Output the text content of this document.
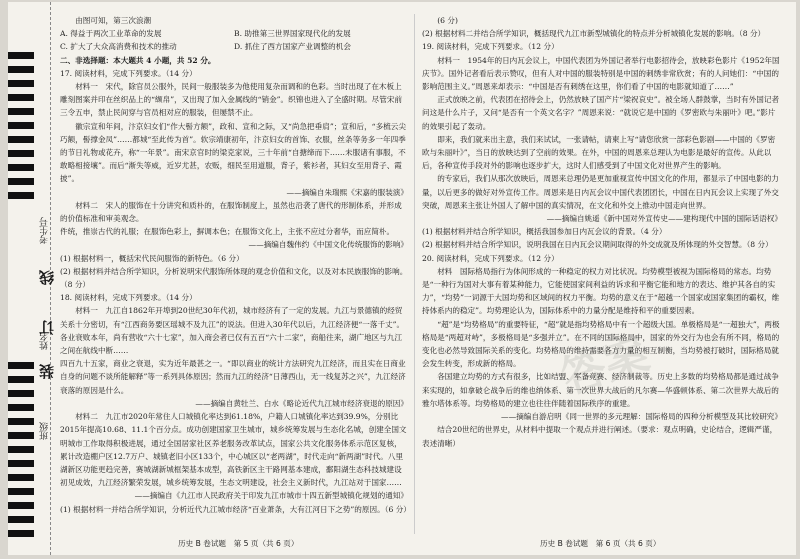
考生号
线
订
姓名
装
班级

由图可知，第三次浪潮

A. 得益于两次工业革命的发展	B. 助推第三世界国家现代化的发展
C. 扩大了大众高消费和技术的推动	D. 抓住了西方国家产业调整的机会

二、非选择题：本大题共 4 小题，共 52 分。

17. 阅读材料，完成下列要求。（14 分）

材料一　宋代，除官员公服外，民间一般服装多为他使用复杂而调和的色彩。当时出现了在木板上雕刻图案并印在丝织品上的“缬帛”，又出现了加入金属线的“销金”。织锦也进入了全盛时期。尽管宋前三令五申，禁止民间穿与官员相对应的服装，但屡禁不止。

徽宗宣和年间，汴京妇女们“作大髻方额”，政和、宣和之际，又“尚急把垂肩”；宣和后，“多梳云尖巧额，髻撑金凤”……都城“至此传为首”。软宗靖康初年，汴京妇女的首饰、衣服，丝条等务多一年四季的节日礼物或花卉，称“一年景”。南宋京官时的梁克家说，三十年前“自搪缔而下……未服诸有事服，不敢略相接壤”。而后“渐失等威，近岁尤甚，农贩，细民至用道服，背子，紫衫者，其妇女至用背子、霞披”。

——摘编自朱瑞熙《宋嘉的服装演》

材料二　宋人的服饰在十分讲究和质朴的，在服饰制度上，虽然也沿袭了唐代的形制体系，并形成的价值标准和审美观念。

件统，推崇古代的礼服；在服饰色彩上，摒调本色；在服饰文化上，主张不应过分奢华，而应简朴。

——摘编自魏伟约《中国文化传统服饰的影响》

(1) 根据材料一，概括宋代民间服饰的新特色。（6 分）

(2) 根据材料并结合所学知识，分析说明宋代服饰所体现的观念价值和文化，以及对本民族服饰的影响。（8 分）

18. 阅读材料，完成下列要求。（14 分）

材料一　九江自1862年开埠到20世纪30年代初，城市经济有了一定的发展。九江与景德镇的经贸关系十分密切，有“江西商务要区瑶城不及九江”的说法。但进入30年代以后，九江经济便“一落千丈”。各业衰败本年，尚有营收“六十七家”，加入商会者已仅有五百“六十二家”，商船往来，湖广地区与九江之间在航线中断……

四百九十五家，商业之衰退，实为近年最甚之一。“即以商业的统计方法研究九江经济，而且实在日商业自身的问题不谈所能解释”等一系列具体原因；然而九江的经济“日薄西山，无一线复苏之兴”，九江经济衰落的原因是什么。

——摘编自黄牡兰、白水《略论近代九江城市经济衰退的原因》

材料二　九江市2020年常住人口城镇化率达到61.18%，户籍人口城镇化率达到39.9%，分别比2015年提高10.68、11.1个百分点。成功创建国家卫生城市，城乡统筹发展与生态化名城，创建全国文明城市工作取得积极进展，通过全国居家社区养老服务改革试点，国家公共文化服务体系示范区复核，累计改造棚户区12.7万户、城镇老旧小区133个，中心城区以“老两湖”，时代走向“新两湖”时代。八里湖新区功能更趋完善，赛城湖新城框架基本成型，高铁新区主干路网基本建成，鄱阳湖生态科技城建设初见成效，九江经济繁荣发展，城乡统筹发展，生态文明建设，社会主义新时代，九江站对于国家……

——摘编自《九江市人民政府关于印发九江市城市十四五新型城镇化规划的通知》

(1) 根据材料一并结合所学知识，分析近代九江城市经济“百业萧条，大有江河日下之势”的原因。（6 分）

(6 分)

(2) 根据材料二并结合所学知识，概括现代九江市新型城镇化的特点并分析城镇化发展的影响。（8 分）

19. 阅读材料，完成下列要求。（12 分）

材料一　1954年的日内瓦会议上，中国代表团为外国记者举行电影招待会，放映彩色影片《1952年国庆节》。国外记者看后表示赞叹，但有人对中国的服装特别是中国的刺绣非常欣赏；有的人问她们：“中国的影响范围主义。”周恩来却表示：“中国是否有刺绣在这里，你们看了中国的电影就知道了……”

正式放映之前，代表团在招待会上，仍然放映了国产片“梁祝哀史”。被全场人群鼓掌，当时有外国记者问这是什么片子，又问“是否有一个英文名字？”周恩来说：“就说它是中国的《罗密欧与朱丽叶》吧。”影片的效果引起了轰动。

即来，我们就来出主意，我们来试试，一张请帖，请柬上写“请您欣赏一部彩色影剧——中国的《罗密欧与朱丽叶》”，当日的放映达到了空前的效果。在外，中国的周恩来总理认为电影是最好的宣传。从此以后，各种宣传手段对外的影响也逐步扩大，这时人们感受到了中国文化对世界产生的影响。

的专家后，我们从那次放映后，周恩来总理仍是更加重视宣传中国文化的作用，都显示了中国电影的力量，以后更多的做好对外宣传工作。周恩来是日内瓦会议中国代表团团长，中国在日内瓦会议上实现了外交突破，周恩来主张让外国人了解中国的真实情况，在文化和外交上推动中国走向世界。

——摘编自姚遥《新中国对外宣传史——建构现代中国的国际话语权》

(1) 根据材料并结合所学知识，概括我国参加日内瓦会议的背景。（4 分）

(2) 根据材料并结合所学知识，说明我国在日内瓦会议期间取得的外交成就及所体现的外交智慧。（8 分）

20. 阅读材料，完成下列要求。（12 分）

材料　国际格局指行为体间形成的一种稳定的权力对比状况。均势模型被视为国际格局的常态。均势是“一种行为国对大事有着某种能力，它能使国家间利益的诉求和平衡它能和地方的表达、维护其各自的实力”，“均势”一词源于大国均势和区域间的权力平衡。均势的意义在于“超越一个国家或国家集团的霸权，维持体系内的稳定”。均势理论认为，国际体系中的力量分配是维持和平的重要因素。

“超”是“均势格局”的重要特征，“超”就是指均势格局中有一个超级大国。单极格局是“一超独大”，两极格局是“两超对峙”，多极格局是“多强并立”。在不同的国际格局中，国家的外交行为也会有所不同，格局的变化也必然导致国际关系的变化。均势格局的维持需要各方力量的相互制衡，当均势被打破时，国际格局就会发生转变，形成新的格局。

各国建立均势的方式有很多，比如结盟、军备竞赛、经济制裁等。历史上多数的均势格局都是通过战争来实现的，如拿破仑战争后的维也纳体系、第一次世界大战后的凡尔赛—华盛顿体系、第二次世界大战后的雅尔塔体系等。均势格局的建立也往往伴随着国际秩序的重建。

——摘编自游启明《同一世界的多元理解：国际格局的四种分析模型及其比较研究》

结合20世纪的世界史，从材料中提取一个观点并进行阐述。（要求：观点明确，史论结合，逻辑严谨，表述清晰）

答案
历史 B 卷试题　第 5 页（共 6 页）	历史 B 卷试题　第 6 页（共 6 页）
